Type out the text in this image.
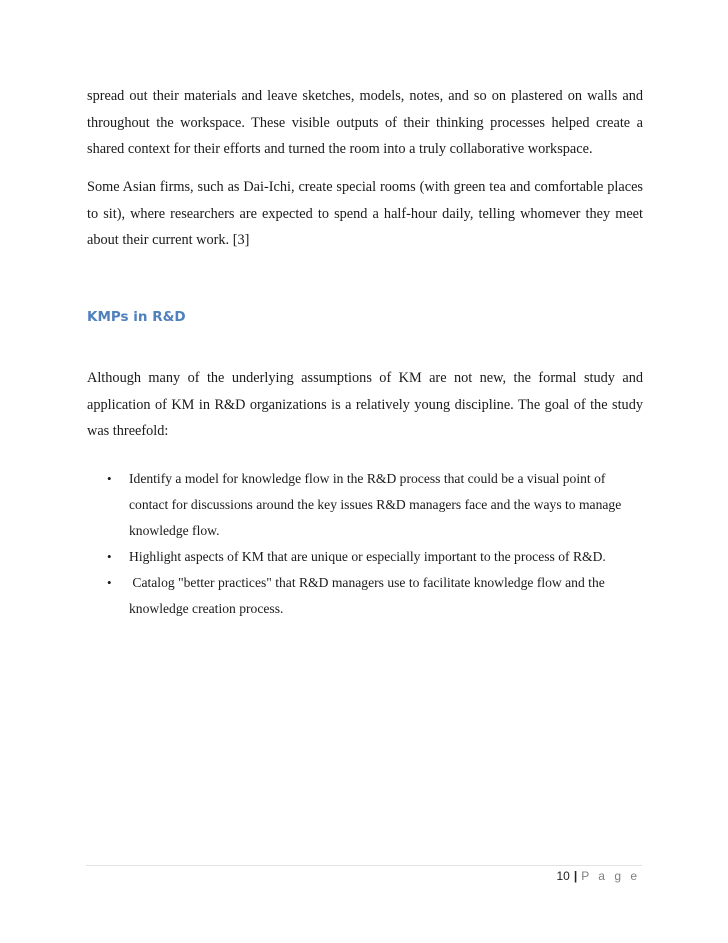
spread out their materials and leave sketches, models, notes, and so on plastered on walls and throughout the workspace. These visible outputs of their thinking processes helped create a shared context for their efforts and turned the room into a truly collaborative workspace.

Some Asian firms, such as Dai-Ichi, create special rooms (with green tea and comfortable places to sit), where researchers are expected to spend a half-hour daily, telling whomever they meet about their current work. [3]

KMPs in R&D

Although many of the underlying assumptions of KM are not new, the formal study and application of KM in R&D organizations is a relatively young discipline. The goal of the study was threefold:

• Identify a model for knowledge flow in the R&D process that could be a visual point of contact for discussions around the key issues R&D managers face and the ways to manage knowledge flow.
• Highlight aspects of KM that are unique or especially important to the process of R&D.
• Catalog "better practices" that R&D managers use to facilitate knowledge flow and the knowledge creation process.
10 | P a g e
